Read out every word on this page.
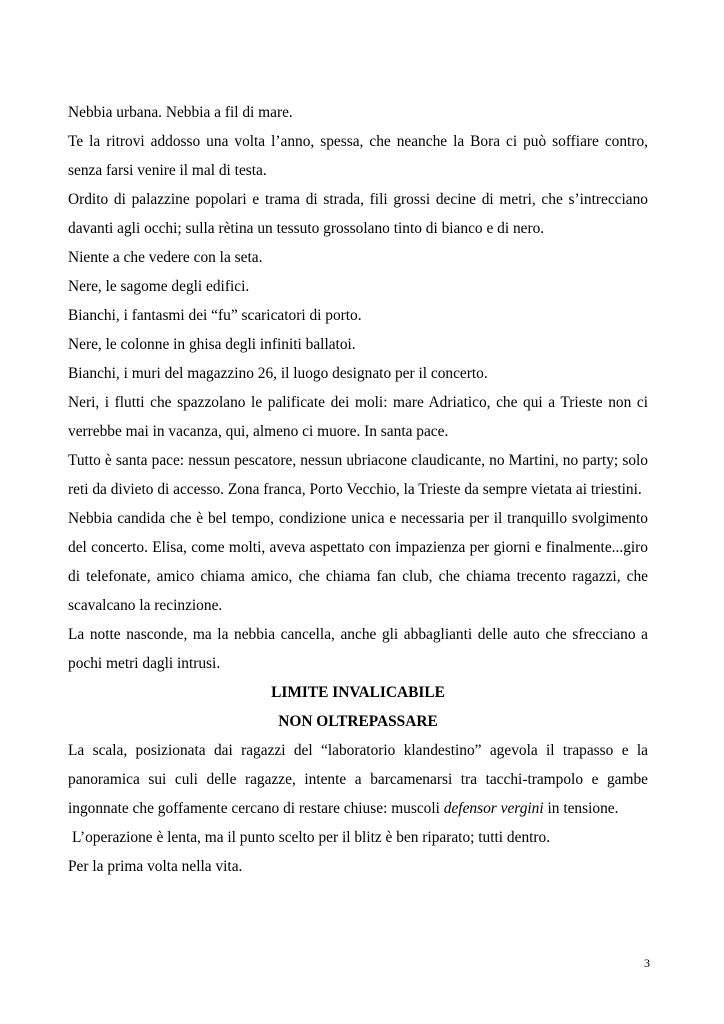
Nebbia urbana. Nebbia a fil di mare.

Te la ritrovi addosso una volta l’anno, spessa, che neanche la Bora ci può soffiare contro, senza farsi venire il mal di testa.

Ordito di palazzine popolari e trama di strada, fili grossi decine di metri, che s’intrecciano davanti agli occhi; sulla rètina un tessuto grossolano tinto di bianco e di nero.

Niente a che vedere con la seta.

Nere, le sagome degli edifici.

Bianchi, i fantasmi dei “fu” scaricatori di porto.

Nere, le colonne in ghisa degli infiniti ballatoi.

Bianchi, i muri del magazzino 26, il luogo designato per il concerto.

Neri, i flutti che spazzolano le palificate dei moli: mare Adriatico, che qui a Trieste non ci verrebbe mai in vacanza, qui, almeno ci muore. In santa pace.

Tutto è santa pace: nessun pescatore, nessun ubriacone claudicante, no Martini, no party; solo reti da divieto di accesso. Zona franca, Porto Vecchio, la Trieste da sempre vietata ai triestini.

Nebbia candida che è bel tempo, condizione unica e necessaria per il tranquillo svolgimento del concerto. Elisa, come molti, aveva aspettato con impazienza per giorni e finalmente...giro di telefonate, amico chiama amico, che chiama fan club, che chiama trecento ragazzi, che scavalcano la recinzione.

La notte nasconde, ma la nebbia cancella, anche gli abbaglianti delle auto che sfrecciano a pochi metri dagli intrusi.

LIMITE INVALICABILE

NON OLTREPASSARE

La scala, posizionata dai ragazzi del “laboratorio klandestino” agevola il trapasso e la panoramica sui culi delle ragazze, intente a barcamenarsi tra tacchi-trampolo e gambe ingonnate che goffamente cercano di restare chiuse: muscoli defensor vergini in tensione.

L’operazione è lenta, ma il punto scelto per il blitz è ben riparato; tutti dentro.

Per la prima volta nella vita.

3
